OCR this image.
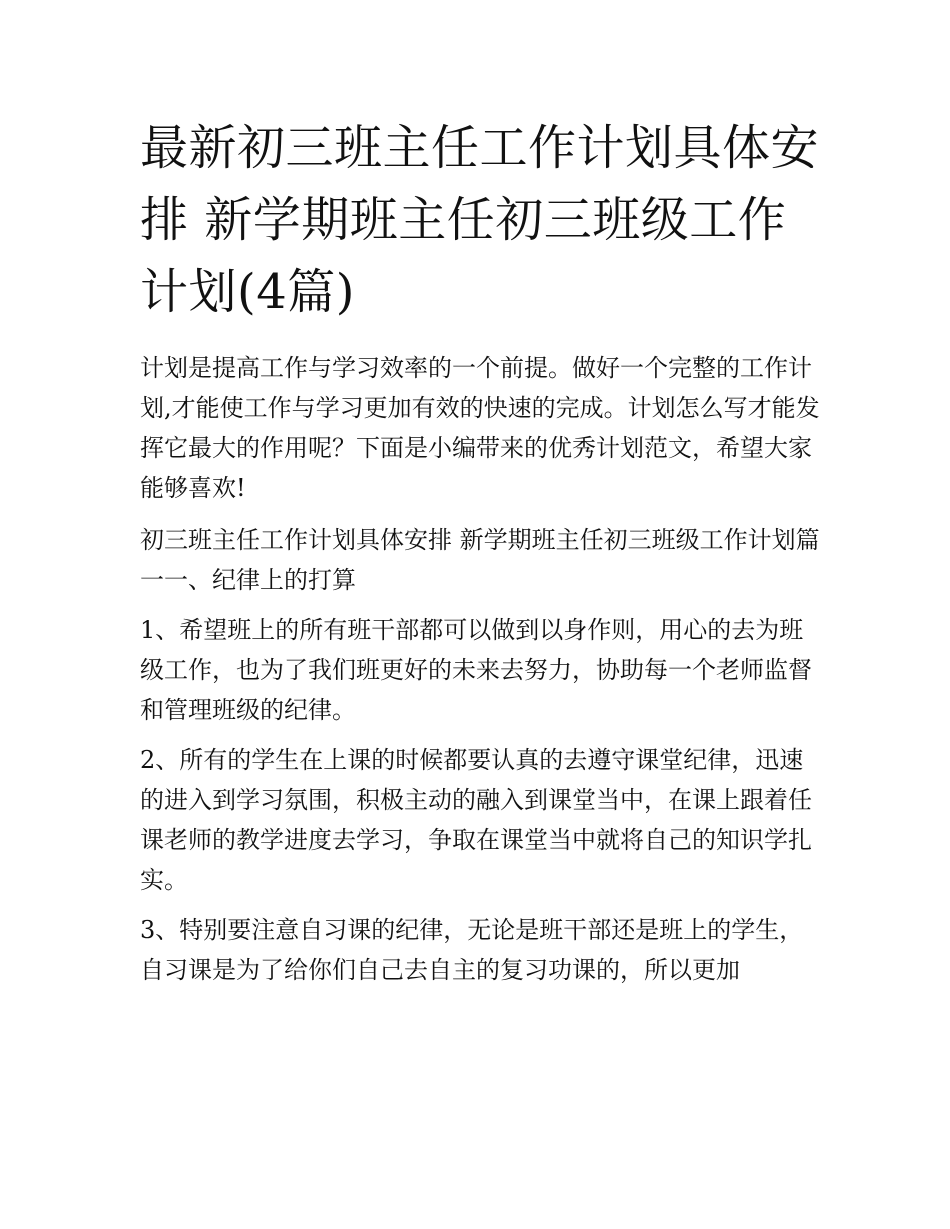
最新初三班主任工作计划具体安排 新学期班主任初三班级工作计划(4篇)

计划是提高工作与学习效率的一个前提。做好一个完整的工作计划,才能使工作与学习更加有效的快速的完成。计划怎么写才能发挥它最大的作用呢？下面是小编带来的优秀计划范文，希望大家能够喜欢!

初三班主任工作计划具体安排 新学期班主任初三班级工作计划篇一一、纪律上的打算

1、希望班上的所有班干部都可以做到以身作则，用心的去为班级工作，也为了我们班更好的未来去努力，协助每一个老师监督和管理班级的纪律。

2、所有的学生在上课的时候都要认真的去遵守课堂纪律，迅速的进入到学习氛围，积极主动的融入到课堂当中，在课上跟着任课老师的教学进度去学习，争取在课堂当中就将自己的知识学扎实。

3、特别要注意自习课的纪律，无论是班干部还是班上的学生，自习课是为了给你们自己去自主的复习功课的，所以更加
